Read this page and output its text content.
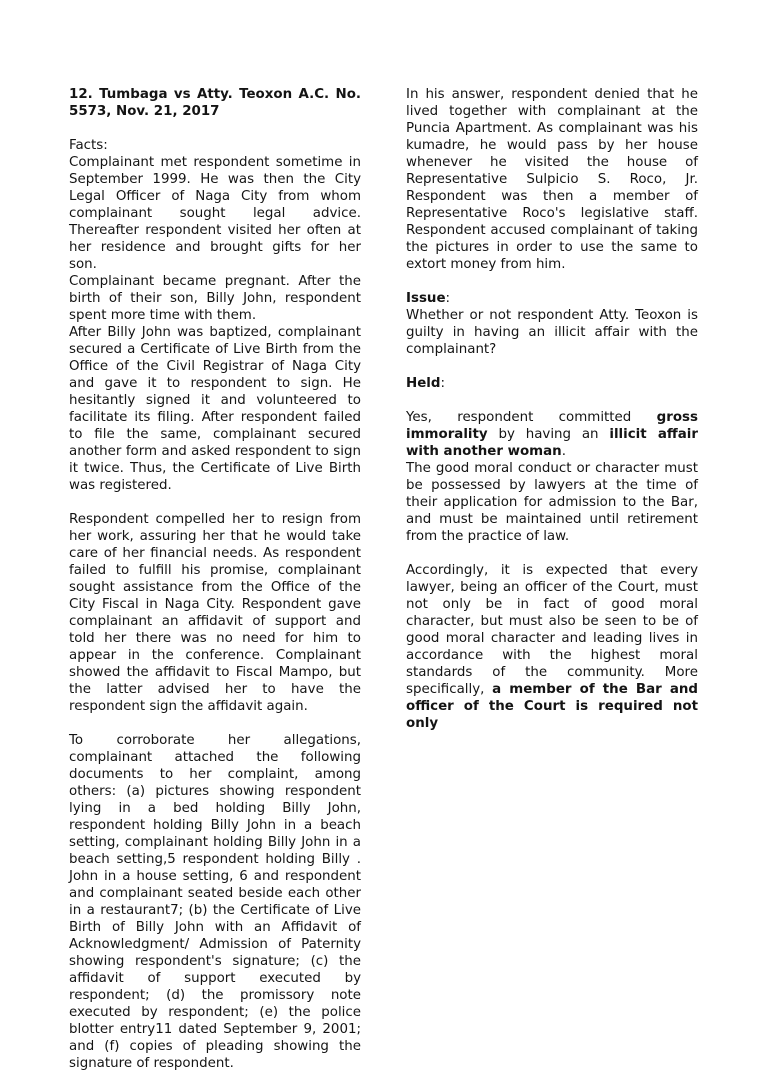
12. Tumbaga vs Atty. Teoxon A.C. No. 5573, Nov. 21, 2017

Facts:

Complainant met respondent sometime in September 1999. He was then the City Legal Officer of Naga City from whom complainant sought legal advice. Thereafter respondent visited her often at her residence and brought gifts for her son.

Complainant became pregnant. After the birth of their son, Billy John, respondent spent more time with them.

After Billy John was baptized, complainant secured a Certificate of Live Birth from the Office of the Civil Registrar of Naga City and gave it to respondent to sign. He hesitantly signed it and volunteered to facilitate its filing. After respondent failed to file the same, complainant secured another form and asked respondent to sign it twice. Thus, the Certificate of Live Birth was registered.

Respondent compelled her to resign from her work, assuring her that he would take care of her financial needs. As respondent failed to fulfill his promise, complainant sought assistance from the Office of the City Fiscal in Naga City. Respondent gave complainant an affidavit of support and told her there was no need for him to appear in the conference. Complainant showed the affidavit to Fiscal Mampo, but the latter advised her to have the respondent sign the affidavit again.

To corroborate her allegations, complainant attached the following documents to her complaint, among others: (a) pictures showing respondent lying in a bed holding Billy John, respondent holding Billy John in a beach setting, complainant holding Billy John in a beach setting,5 respondent holding Billy . John in a house setting, 6 and respondent and complainant seated beside each other in a restaurant7; (b) the Certificate of Live Birth of Billy John with an Affidavit of Acknowledgment/ Admission of Paternity showing respondent's signature; (c) the affidavit of support executed by respondent; (d) the promissory note executed by respondent; (e) the police blotter entry11 dated September 9, 2001; and (f) copies of pleading showing the signature of respondent.

In his answer, respondent denied that he lived together with complainant at the Puncia Apartment. As complainant was his kumadre, he would pass by her house whenever he visited the house of Representative Sulpicio S. Roco, Jr. Respondent was then a member of Representative Roco's legislative staff. Respondent accused complainant of taking the pictures in order to use the same to extort money from him.

Issue:

Whether or not respondent Atty. Teoxon is guilty in having an illicit affair with the complainant?

Held:

Yes, respondent committed gross immorality by having an illicit affair with another woman.

The good moral conduct or character must be possessed by lawyers at the time of their application for admission to the Bar, and must be maintained until retirement from the practice of law.

Accordingly, it is expected that every lawyer, being an officer of the Court, must not only be in fact of good moral character, but must also be seen to be of good moral character and leading lives in accordance with the highest moral standards of the community. More specifically, a member of the Bar and officer of the Court is required not only
